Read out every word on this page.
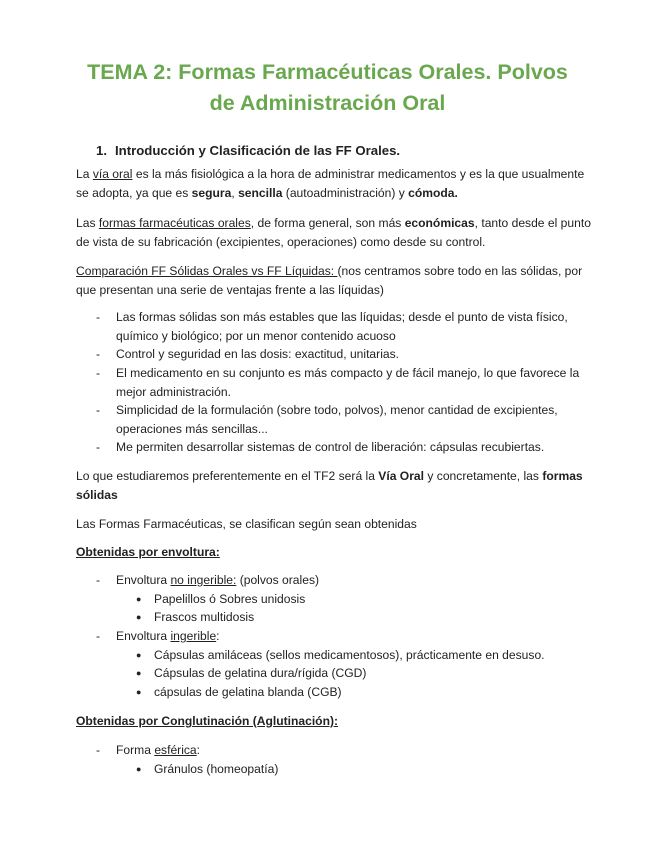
TEMA 2: Formas Farmacéuticas Orales. Polvos
de Administración Oral
1. Introducción y Clasificación de las FF Orales.

La vía oral es la más fisiológica a la hora de administrar medicamentos y es la que usualmente
se adopta, ya que es segura, sencilla (autoadministración) y cómoda.

Las formas farmacéuticas orales, de forma general, son más económicas, tanto desde el punto
de vista de su fabricación (excipientes, operaciones) como desde su control.

Comparación FF Sólidas Orales vs FF Líquidas: (nos centramos sobre todo en las sólidas, por
que presentan una serie de ventajas frente a las líquidas)

- Las formas sólidas son más estables que las líquidas; desde el punto de vista físico,
químico y biológico; por un menor contenido acuoso
- Control y seguridad en las dosis: exactitud, unitarias.
- El medicamento en su conjunto es más compacto y de fácil manejo, lo que favorece la
mejor administración.
- Simplicidad de la formulación (sobre todo, polvos), menor cantidad de excipientes,
operaciones más sencillas...
- Me permiten desarrollar sistemas de control de liberación: cápsulas recubiertas.

Lo que estudiaremos preferentemente en el TF2 será la Vía Oral y concretamente, las formas
sólidas

Las Formas Farmacéuticas, se clasifican según sean obtenidas

Obtenidas por envoltura:

- Envoltura no ingerible: (polvos orales)
● Papelillos ó Sobres unidosis
● Frascos multidosis
- Envoltura ingerible:
● Cápsulas amiláceas (sellos medicamentosos), prácticamente en desuso.
● Cápsulas de gelatina dura/rígida (CGD)
● cápsulas de gelatina blanda (CGB)

Obtenidas por Conglutinación (Aglutinación):

- Forma esférica:
● Gránulos (homeopatía)
